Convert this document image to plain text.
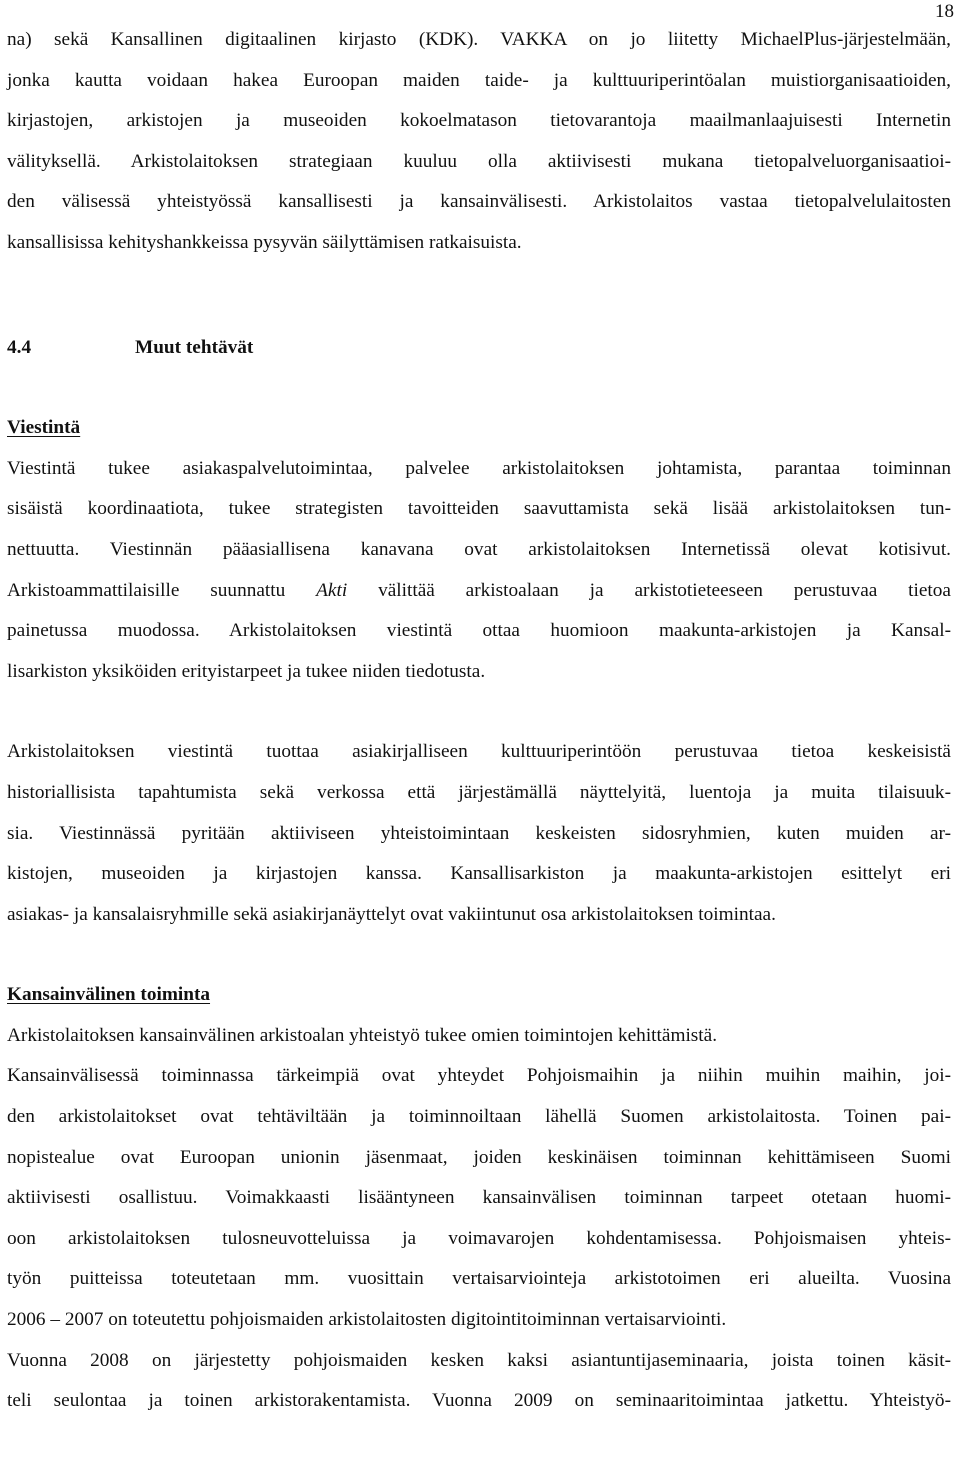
18

na) sekä Kansallinen digitaalinen kirjasto (KDK). VAKKA on jo liitetty MichaelPlus-järjestelmään,
jonka kautta voidaan hakea Euroopan maiden taide- ja kulttuuriperintöalan muistiorganisaatioiden,
kirjastojen, arkistojen ja museoiden kokoelmatason tietovarantoja maailmanlaajuisesti Internetin
välityksellä. Arkistolaitoksen strategiaan kuuluu olla aktiivisesti mukana tietopalveluorganisaatioi-
den välisessä yhteistyössä kansallisesti ja kansainvälisesti. Arkistolaitos vastaa tietopalvelulaitosten
kansallisissa kehityshankkeissa pysyvän säilyttämisen ratkaisuista.

4.4	Muut tehtävät
Viestintä

Viestintä tukee asiakaspalvelutoimintaa, palvelee arkistolaitoksen johtamista, parantaa toiminnan
sisäistä koordinaatiota, tukee strategisten tavoitteiden saavuttamista sekä lisää arkistolaitoksen tun-
nettuutta. Viestinnän pääasiallisena kanavana ovat arkistolaitoksen Internetissä olevat kotisivut.
Arkistoammattilaisille suunnattu Akti välittää arkistoalaan ja arkistotieteeseen perustuvaa tietoa
painetussa muodossa. Arkistolaitoksen viestintä ottaa huomioon maakunta-arkistojen ja Kansal-
lisarkiston yksiköiden erityistarpeet ja tukee niiden tiedotusta.

Arkistolaitoksen viestintä tuottaa asiakirjalliseen kulttuuriperintöön perustuvaa tietoa keskeisistä
historiallisista tapahtumista sekä verkossa että järjestämällä näyttelyitä, luentoja ja muita tilaisuuk-
sia. Viestinnässä pyritään aktiiviseen yhteistoimintaan keskeisten sidosryhmien, kuten muiden ar-
kistojen, museoiden ja kirjastojen kanssa. Kansallisarkiston ja maakunta-arkistojen esittelyt eri
asiakas- ja kansalaisryhmille sekä asiakirjanäyttelyt ovat vakiintunut osa arkistolaitoksen toimintaa.

Kansainvälinen toiminta

Arkistolaitoksen kansainvälinen arkistoalan yhteistyö tukee omien toimintojen kehittämistä.
Kansainvälisessä toiminnassa tärkeimpiä ovat yhteydet Pohjoismaihin ja niihin muihin maihin, joi-
den arkistolaitokset ovat tehtäviltään ja toiminnoiltaan lähellä Suomen arkistolaitosta. Toinen pai-
nopistealue ovat Euroopan unionin jäsenmaat, joiden keskinäisen toiminnan kehittämiseen Suomi
aktiivisesti osallistuu. Voimakkaasti lisääntyneen kansainvälisen toiminnan tarpeet otetaan huomi-
oon arkistolaitoksen tulosneuvotteluissa ja voimavarojen kohdentamisessa. Pohjoismaisen yhteis-
työn puitteissa toteutetaan mm. vuosittain vertaisarviointeja arkistotoimen eri alueilta. Vuosina
2006 – 2007 on toteutettu pohjoismaiden arkistolaitosten digitointitoiminnan vertaisarviointi.
Vuonna 2008 on järjestetty pohjoismaiden kesken kaksi asiantuntijaseminaaria, joista toinen käsit-
teli seulontaa ja toinen arkistorakentamista. Vuonna 2009 on seminaaritoimintaa jatkettu. Yhteistyö-
